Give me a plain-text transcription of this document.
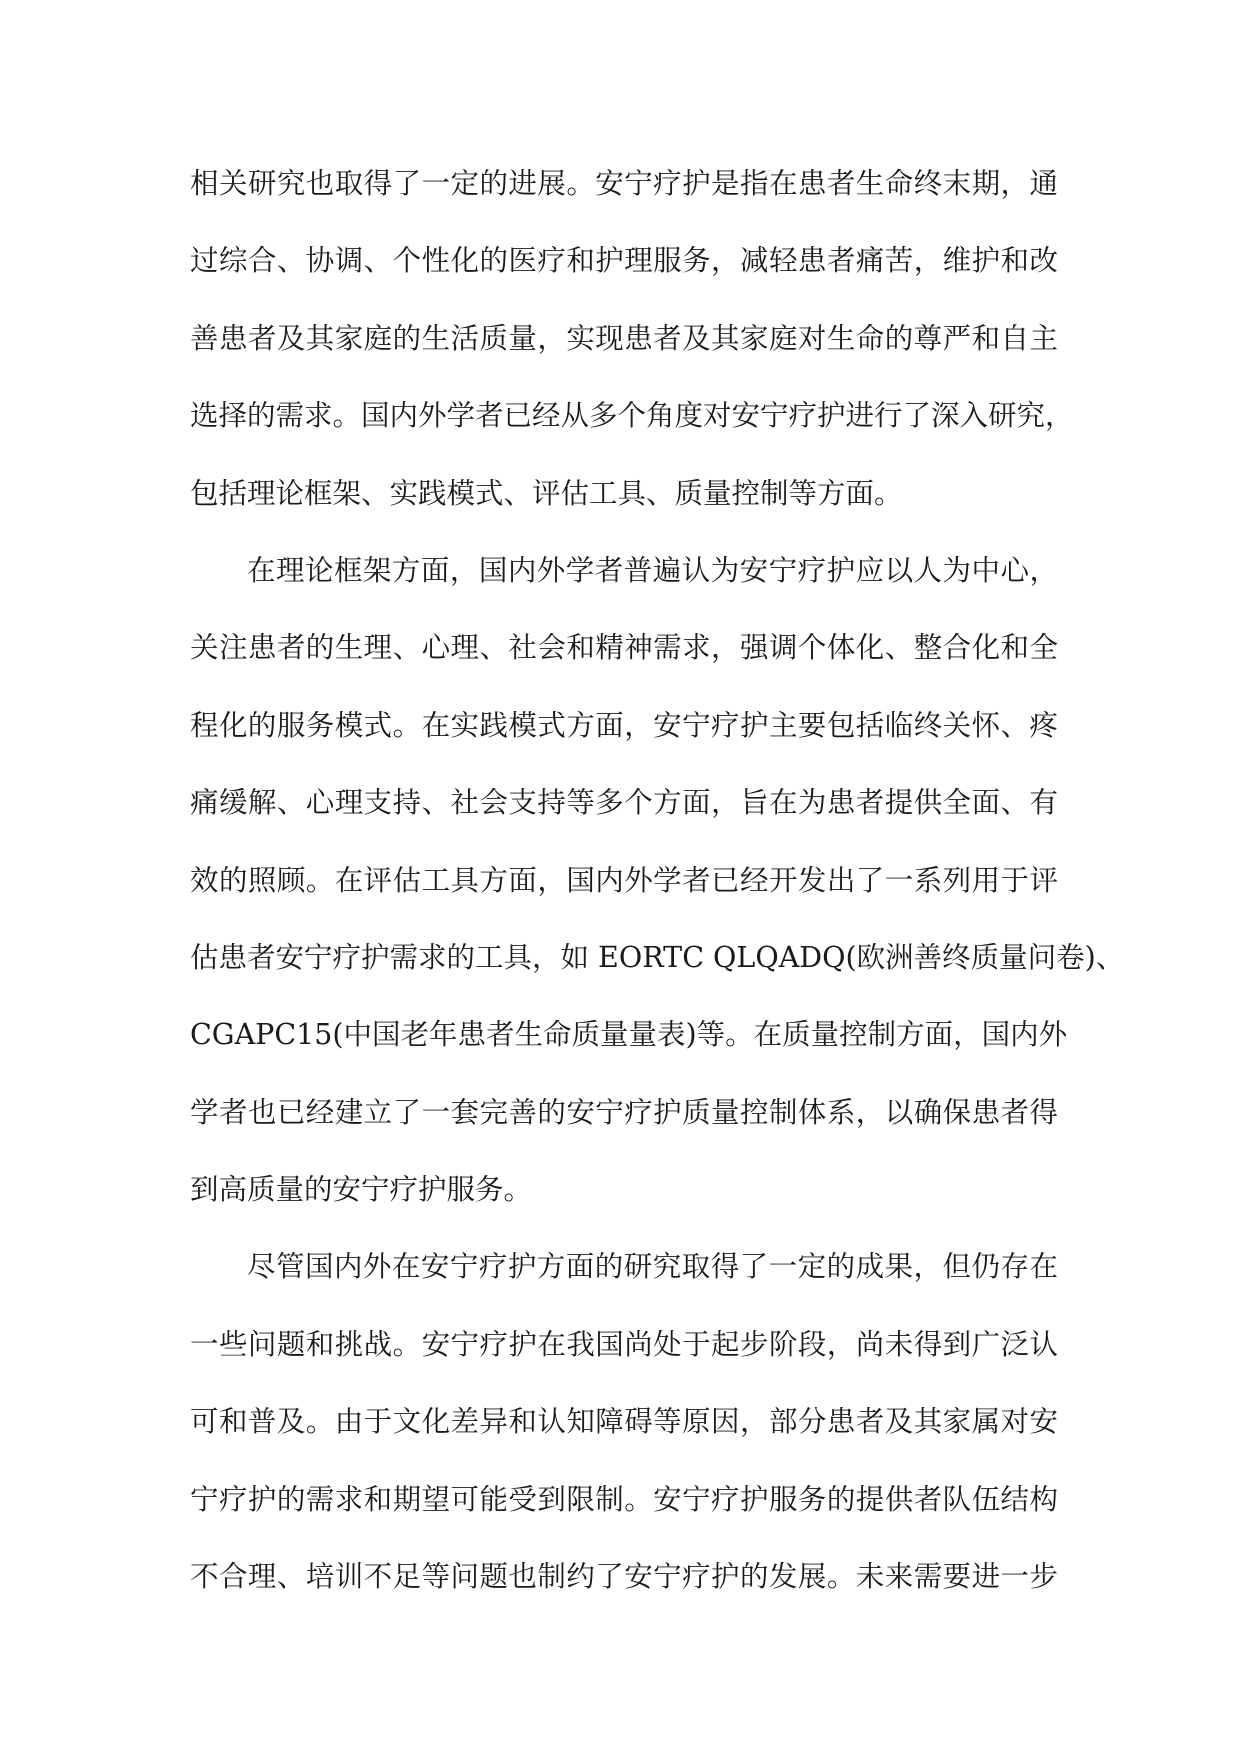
相关研究也取得了一定的进展。安宁疗护是指在患者生命终末期，通
过综合、协调、个性化的医疗和护理服务，减轻患者痛苦，维护和改
善患者及其家庭的生活质量，实现患者及其家庭对生命的尊严和自主
选择的需求。国内外学者已经从多个角度对安宁疗护进行了深入研究，
包括理论框架、实践模式、评估工具、质量控制等方面。
在理论框架方面，国内外学者普遍认为安宁疗护应以人为中心，
关注患者的生理、心理、社会和精神需求，强调个体化、整合化和全
程化的服务模式。在实践模式方面，安宁疗护主要包括临终关怀、疼
痛缓解、心理支持、社会支持等多个方面，旨在为患者提供全面、有
效的照顾。在评估工具方面，国内外学者已经开发出了一系列用于评
估患者安宁疗护需求的工具，如 EORTC QLQADQ(欧洲善终质量问卷)、
CGAPC15(中国老年患者生命质量量表)等。在质量控制方面，国内外
学者也已经建立了一套完善的安宁疗护质量控制体系，以确保患者得
到高质量的安宁疗护服务。
尽管国内外在安宁疗护方面的研究取得了一定的成果，但仍存在
一些问题和挑战。安宁疗护在我国尚处于起步阶段，尚未得到广泛认
可和普及。由于文化差异和认知障碍等原因，部分患者及其家属对安
宁疗护的需求和期望可能受到限制。安宁疗护服务的提供者队伍结构
不合理、培训不足等问题也制约了安宁疗护的发展。未来需要进一步
